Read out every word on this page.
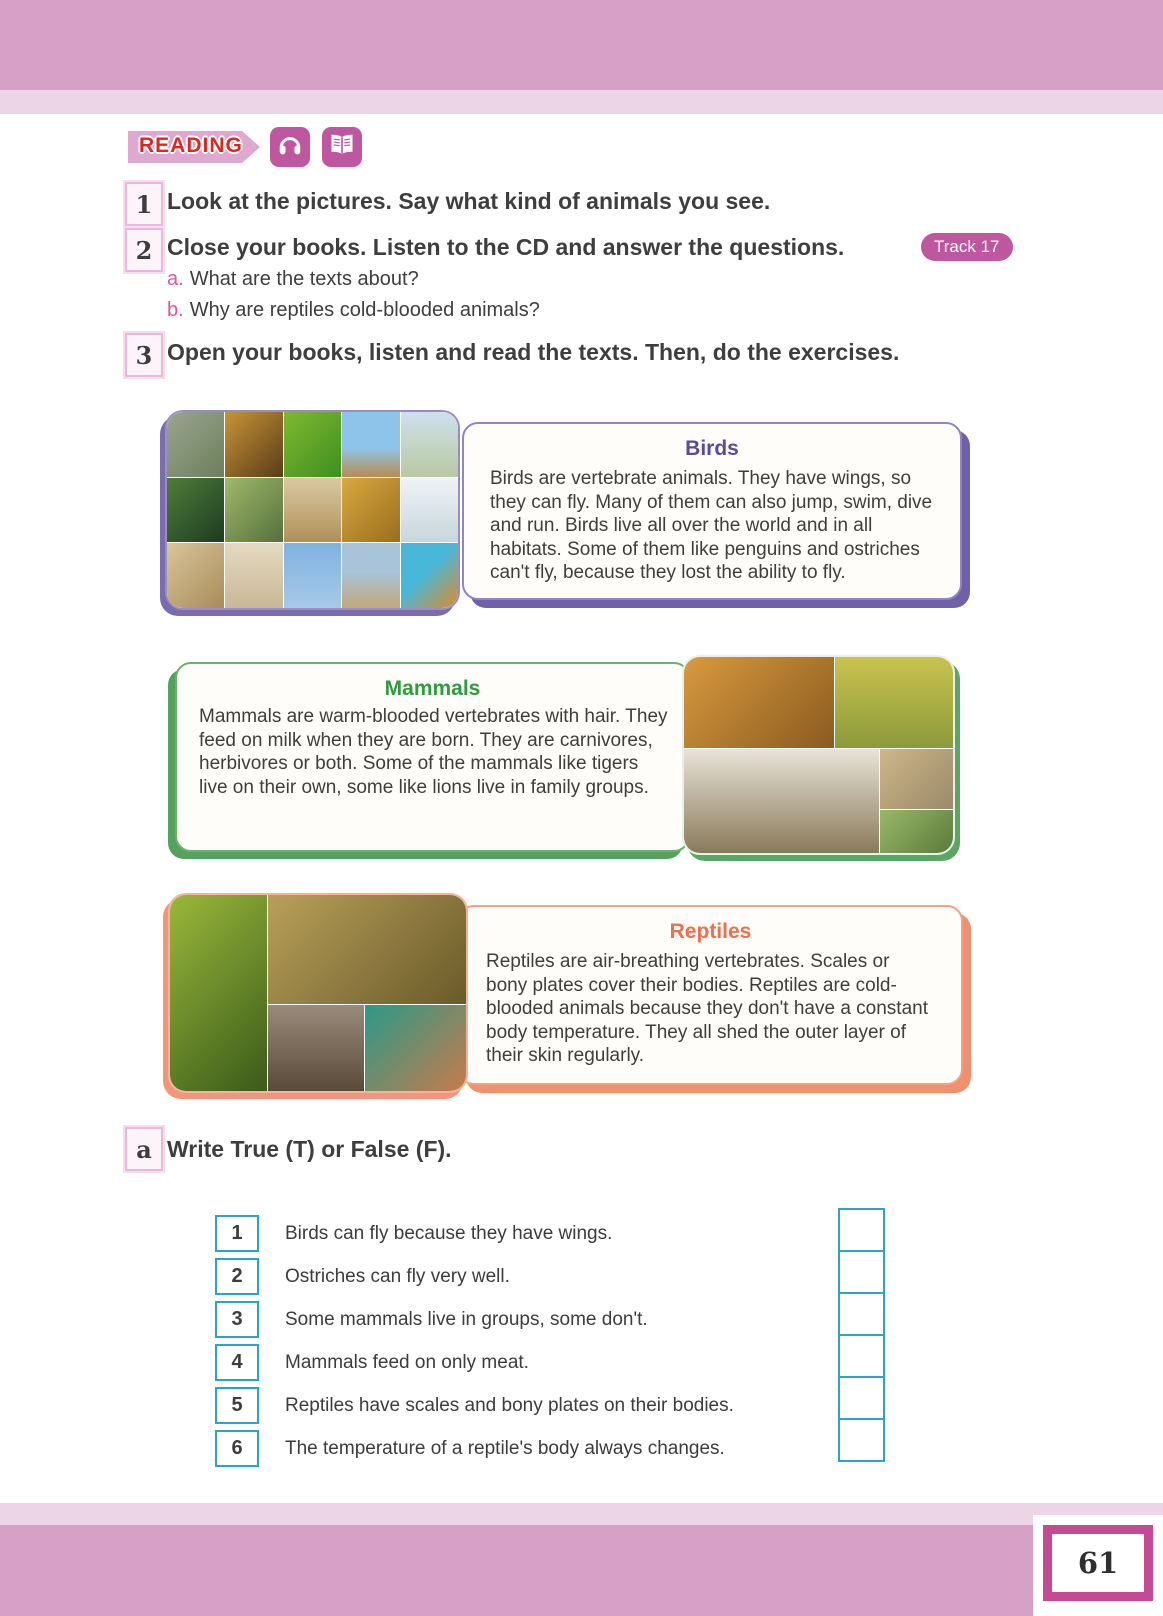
READING
1 Look at the pictures. Say what kind of animals you see.
2 Close your books. Listen to the CD and answer the questions.	Track 17
a. What are the texts about?
b. Why are reptiles cold-blooded animals?
3 Open your books, listen and read the texts. Then, do the exercises.
Birds
Birds are vertebrate animals. They have wings, so they can fly. Many of them can also jump, swim, dive and run. Birds live all over the world and in all habitats. Some of them like penguins and ostriches can't fly, because they lost the ability to fly.
Mammals
Mammals are warm-blooded vertebrates with hair. They feed on milk when they are born. They are carnivores, herbivores or both. Some of the mammals like tigers live on their own, some like lions live in family groups.
Reptiles
Reptiles are air-breathing vertebrates. Scales or bony plates cover their bodies. Reptiles are cold-blooded animals because they don't have a constant body temperature. They all shed the outer layer of their skin regularly.
a Write True (T) or False (F).
1	Birds can fly because they have wings.
2	Ostriches can fly very well.
3	Some mammals live in groups, some don't.
4	Mammals feed on only meat.
5	Reptiles have scales and bony plates on their bodies.
6	The temperature of a reptile's body always changes.
61
